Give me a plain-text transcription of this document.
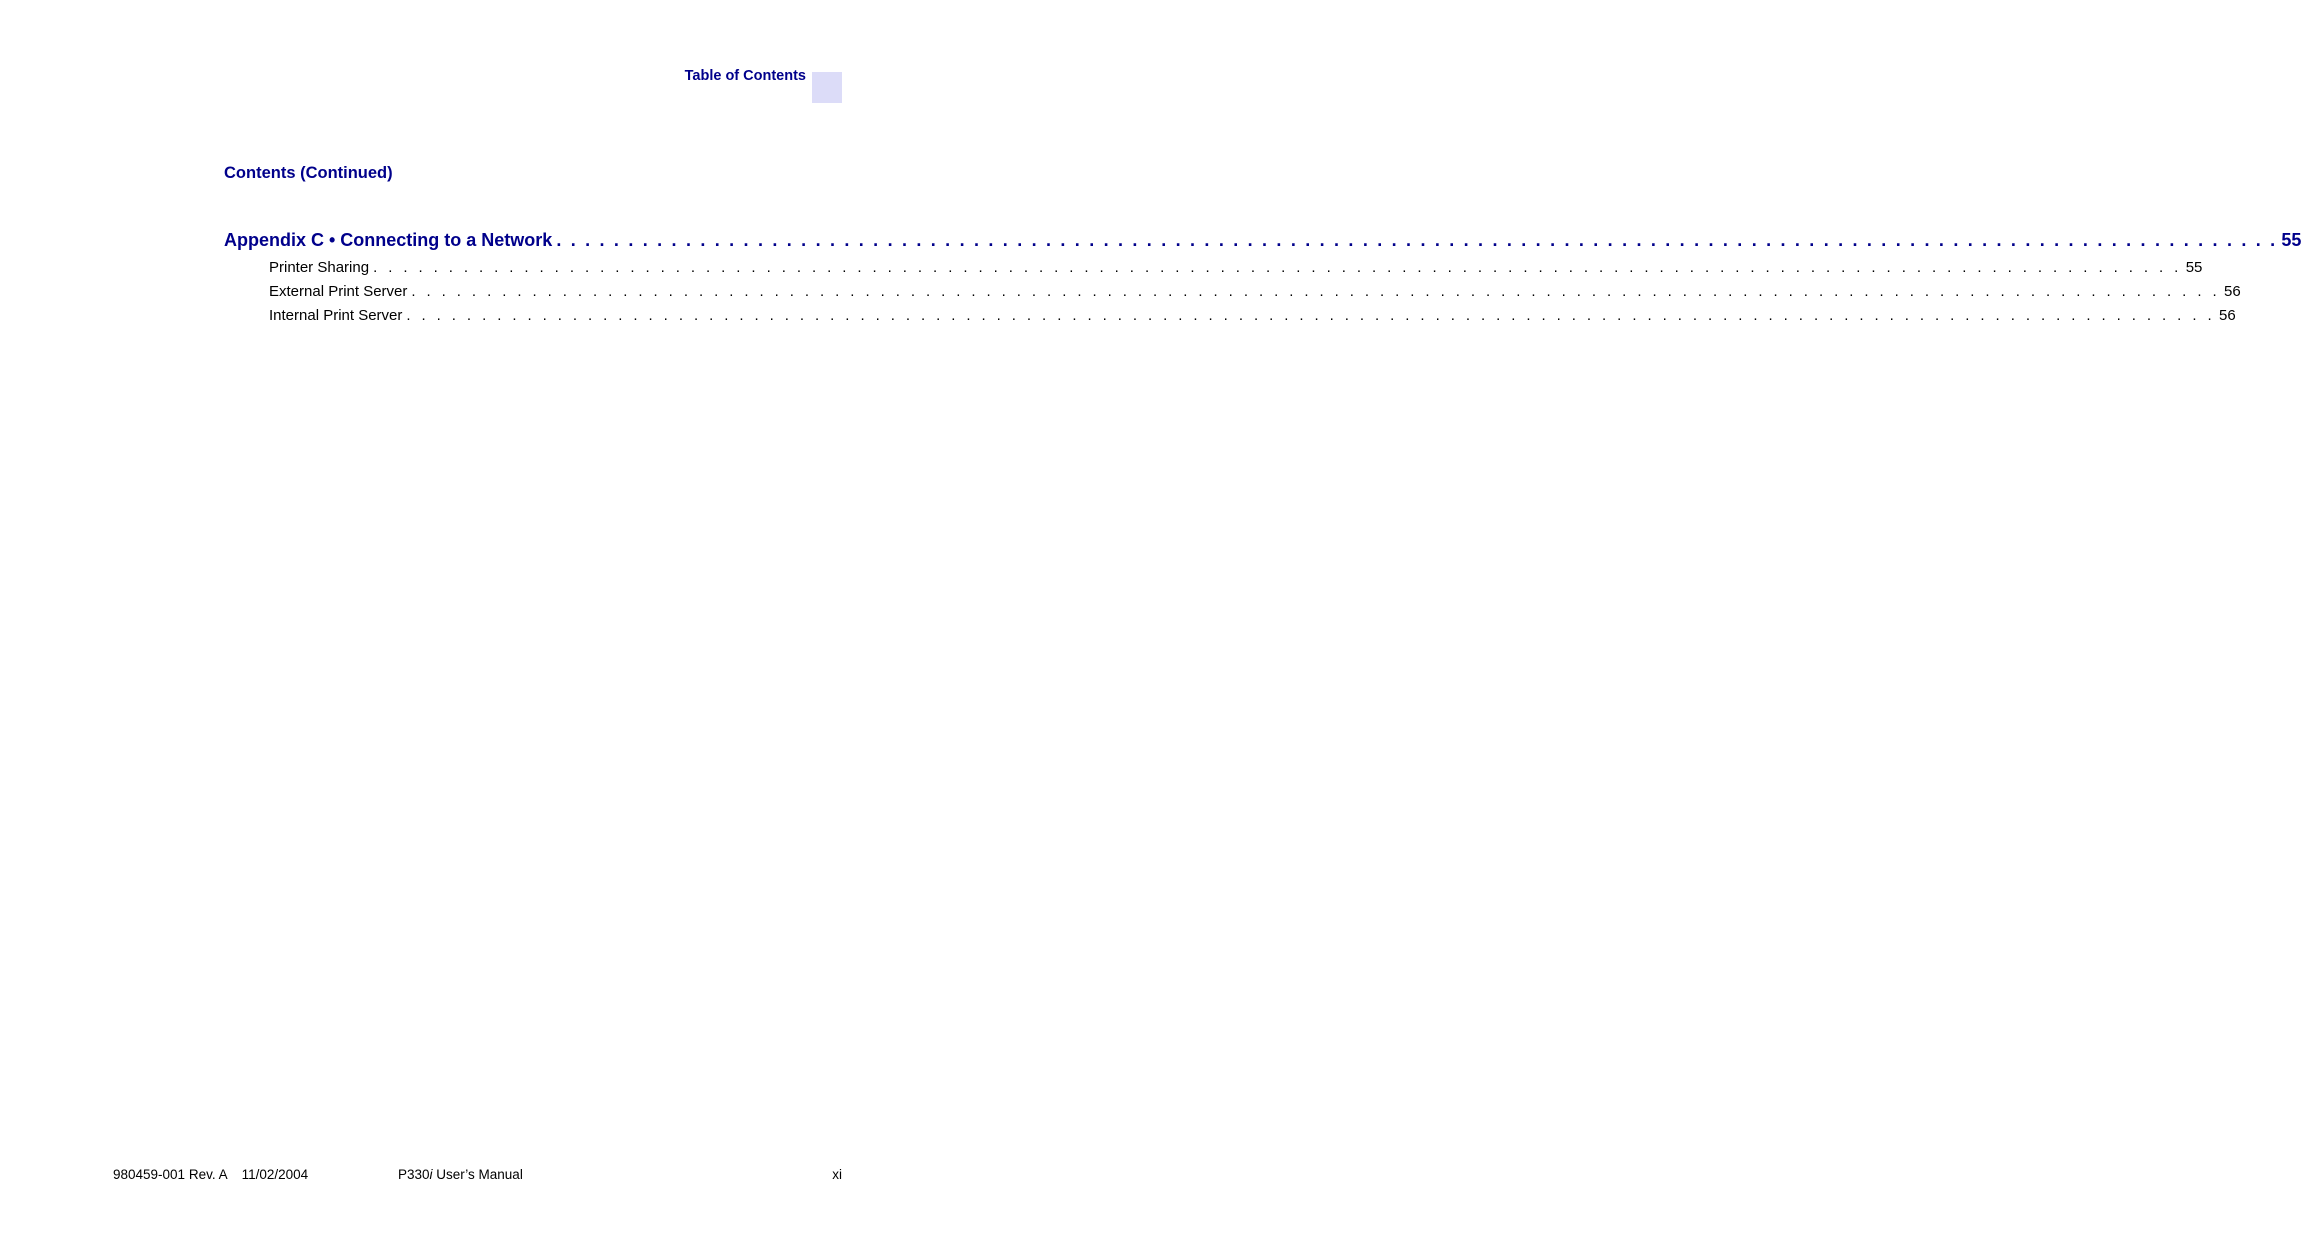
Table of Contents
Contents (Continued)
Appendix C • Connecting to a Network . . . . . . . . . . . . . . . . . . . . . . . . . . . . . . . . . . . . . . . . . . . . . . . . . . . . . . . . . . . . . . . . . . . . . . . . . . . . . . . . . . . . . . . . . . . . . . . . . . . . . . . . . . . . . . . . . . . . . . . . 55
Printer Sharing . . . . . . . . . . . . . . . . . . . . . . . . . . . . . . . . . . . . . . . . . . . . . . . . . . . . . . . . . . . . . . . . . . . . . . . . . . . . . . . . . . . . . . . . . . . . . . . . . . . . . . . . . . . . . . . . . . . . . . . . 55
External Print Server . . . . . . . . . . . . . . . . . . . . . . . . . . . . . . . . . . . . . . . . . . . . . . . . . . . . . . . . . . . . . . . . . . . . . . . . . . . . . . . . . . . . . . . . . . . . . . . . . . . . . . . . . . . . . . . . . . . . . . . . 56
Internal Print Server . . . . . . . . . . . . . . . . . . . . . . . . . . . . . . . . . . . . . . . . . . . . . . . . . . . . . . . . . . . . . . . . . . . . . . . . . . . . . . . . . . . . . . . . . . . . . . . . . . . . . . . . . . . . . . . . . . . . . . . . 56
980459-001 Rev. A 11/02/2004	P330i User’s Manual	xi
